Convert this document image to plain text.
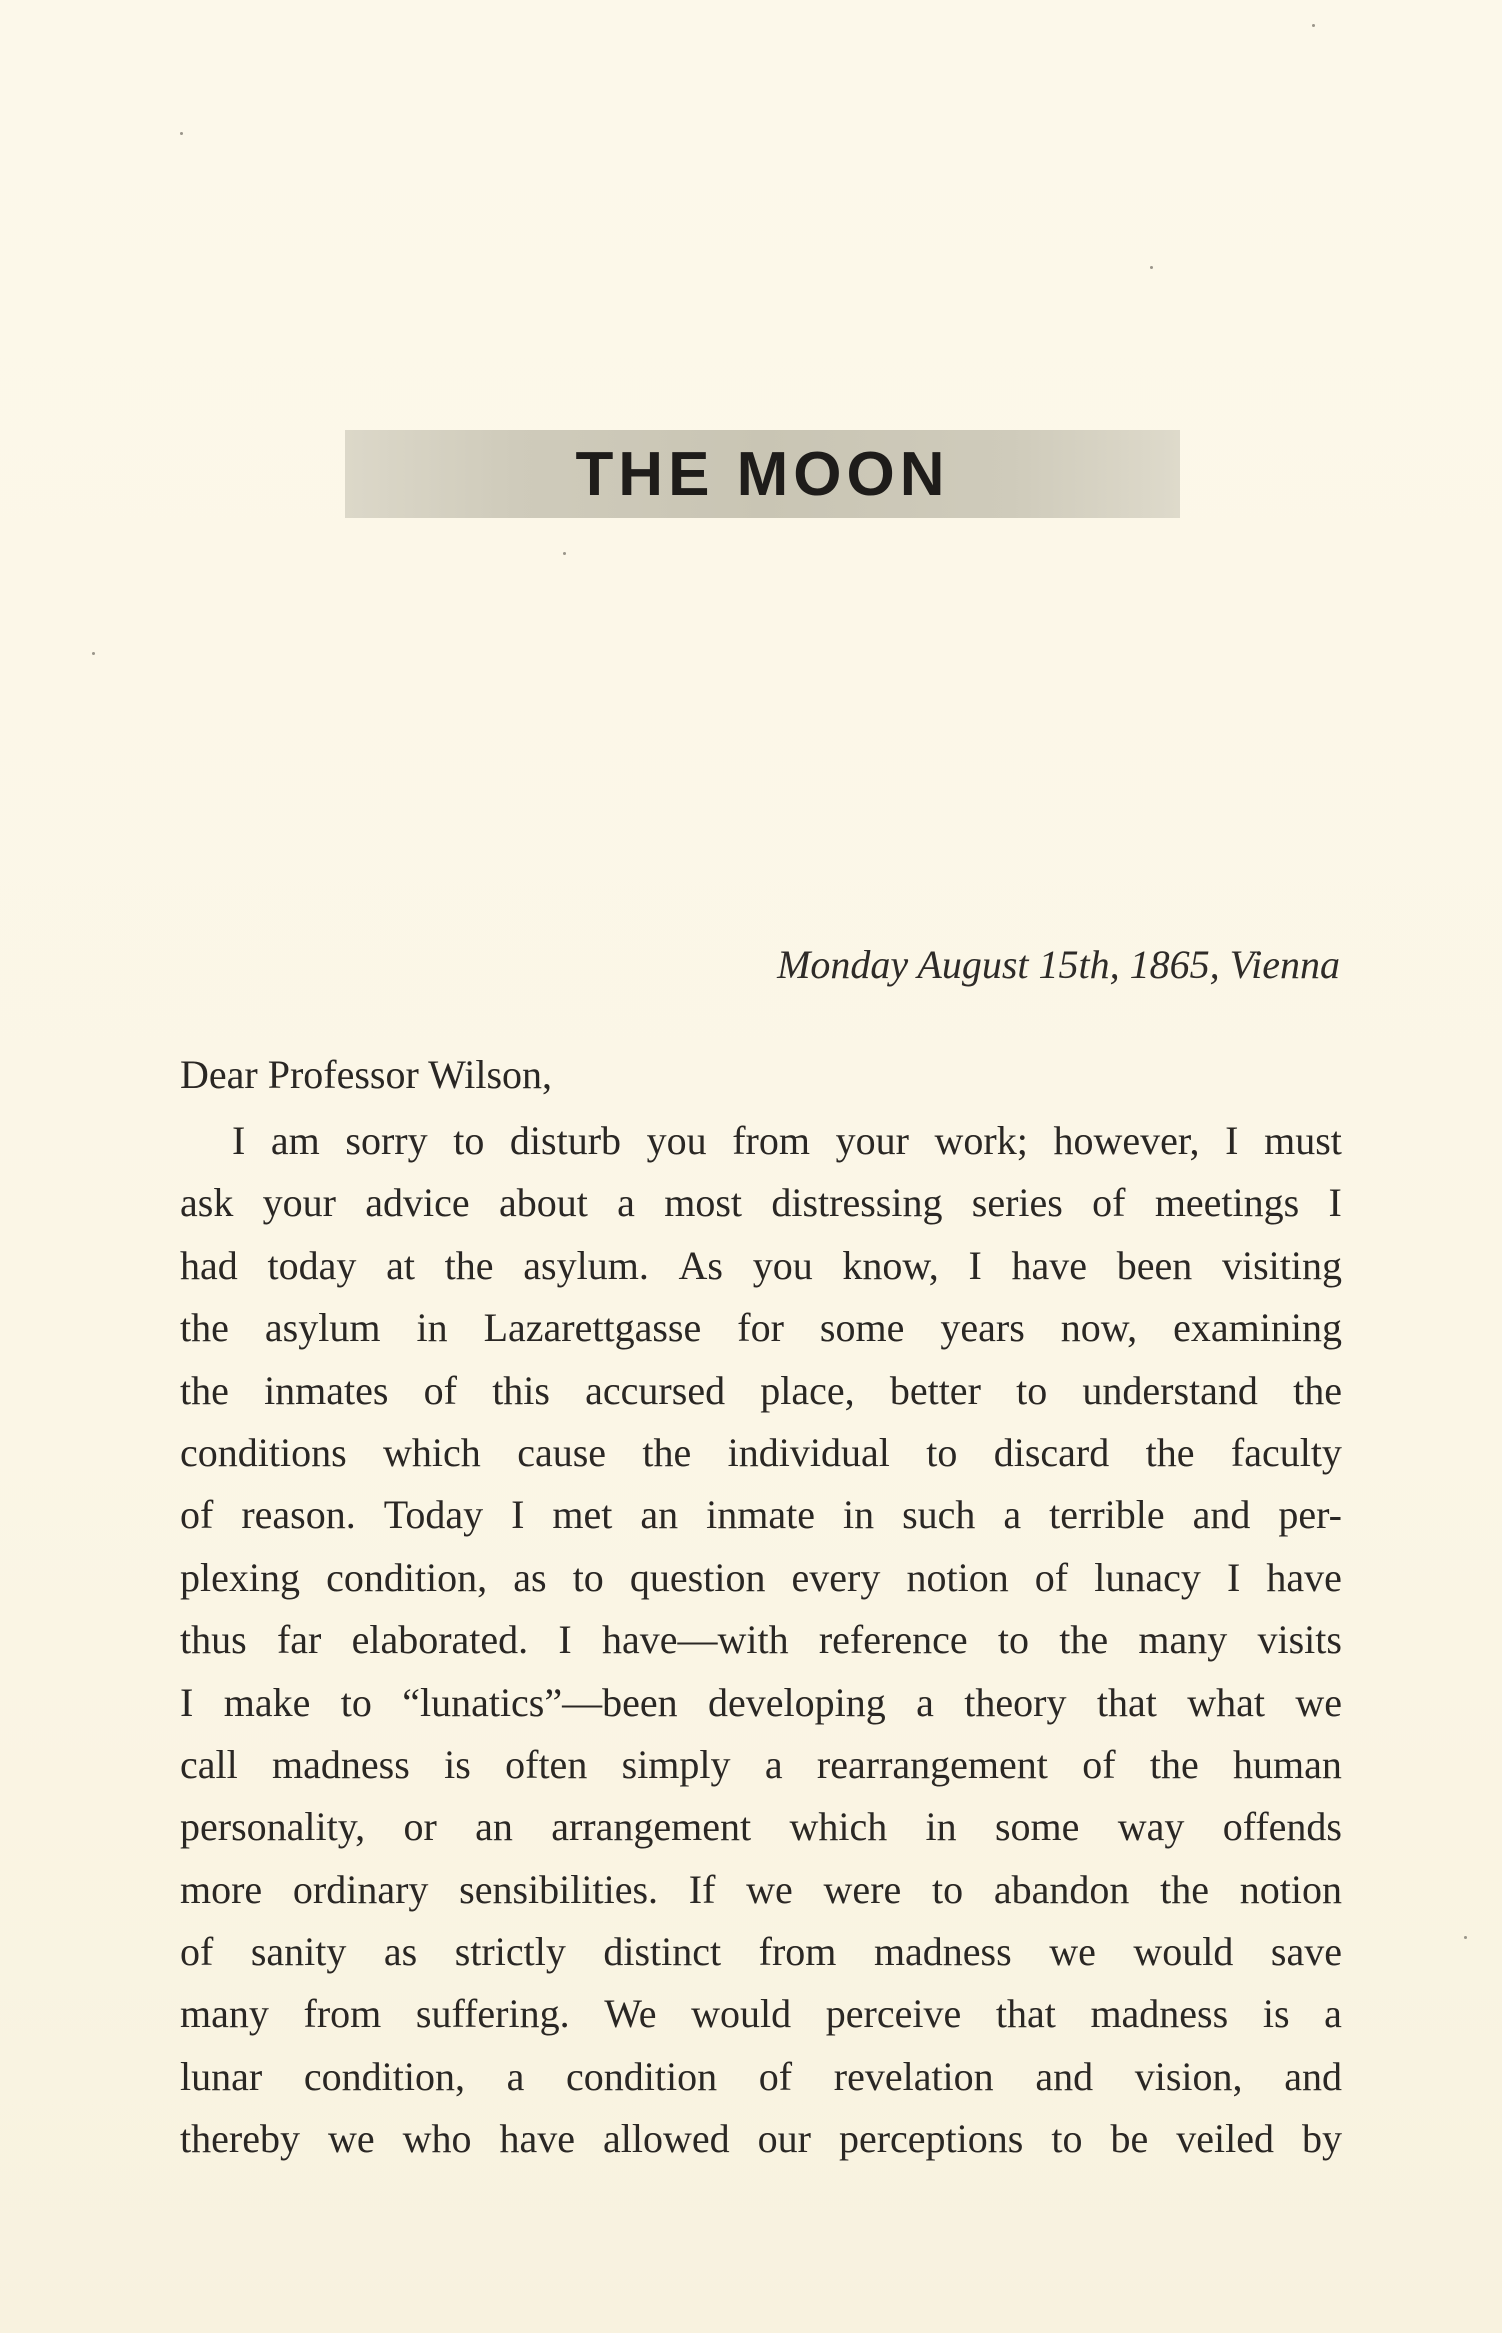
THE MOON
Monday August 15th, 1865, Vienna
Dear Professor Wilson,
I am sorry to disturb you from your work; however, I must
ask your advice about a most distressing series of meetings I
had today at the asylum. As you know, I have been visiting
the asylum in Lazarettgasse for some years now, examining
the inmates of this accursed place, better to understand the
conditions which cause the individual to discard the faculty
of reason. Today I met an inmate in such a terrible and per-
plexing condition, as to question every notion of lunacy I have
thus far elaborated. I have—with reference to the many visits
I make to “lunatics”—been developing a theory that what we
call madness is often simply a rearrangement of the human
personality, or an arrangement which in some way offends
more ordinary sensibilities. If we were to abandon the notion
of sanity as strictly distinct from madness we would save
many from suffering. We would perceive that madness is a
lunar condition, a condition of revelation and vision, and
thereby we who have allowed our perceptions to be veiled by
